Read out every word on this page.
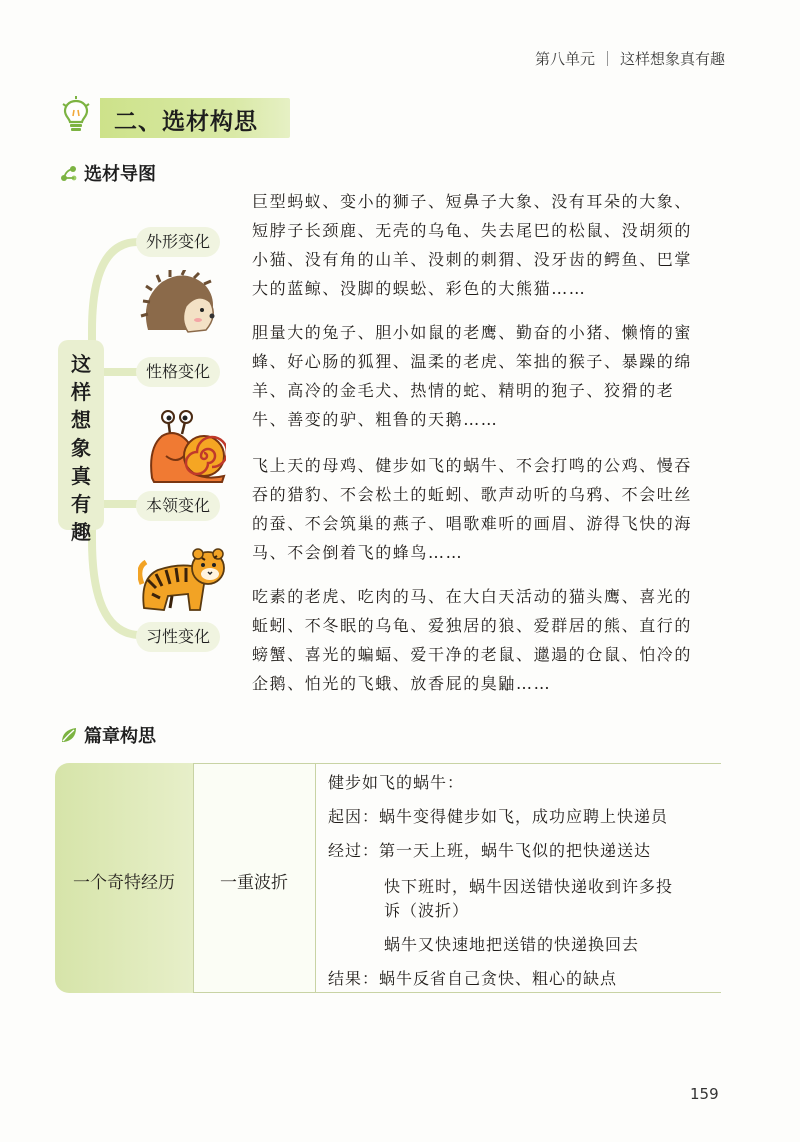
第八单元 这样想象真有趣
二、选材构思
选材导图
这
样
想
象
真
有
趣
外形变化
性格变化
本领变化
习性变化
巨型蚂蚁、变小的狮子、短鼻子大象、没有耳朵的大象、
短脖子长颈鹿、无壳的乌龟、失去尾巴的松鼠、没胡须的
小猫、没有角的山羊、没刺的刺猬、没牙齿的鳄鱼、巴掌
大的蓝鲸、没脚的蜈蚣、彩色的大熊猫……
胆量大的兔子、胆小如鼠的老鹰、勤奋的小猪、懒惰的蜜
蜂、好心肠的狐狸、温柔的老虎、笨拙的猴子、暴躁的绵
羊、高冷的金毛犬、热情的蛇、精明的狍子、狡猾的老
牛、善变的驴、粗鲁的天鹅……
飞上天的母鸡、健步如飞的蜗牛、不会打鸣的公鸡、慢吞
吞的猎豹、不会松土的蚯蚓、歌声动听的乌鸦、不会吐丝
的蚕、不会筑巢的燕子、唱歌难听的画眉、游得飞快的海
马、不会倒着飞的蜂鸟……
吃素的老虎、吃肉的马、在大白天活动的猫头鹰、喜光的
蚯蚓、不冬眠的乌龟、爱独居的狼、爱群居的熊、直行的
螃蟹、喜光的蝙蝠、爱干净的老鼠、邋遢的仓鼠、怕冷的
企鹅、怕光的飞蛾、放香屁的臭鼬……
篇章构思
一个奇特经历	一重波折
健步如飞的蜗牛：
起因：蜗牛变得健步如飞，成功应聘上快递员
经过：第一天上班，蜗牛飞似的把快递送达
快下班时，蜗牛因送错快递收到许多投
诉（波折）
蜗牛又快速地把送错的快递换回去
结果：蜗牛反省自己贪快、粗心的缺点
159
